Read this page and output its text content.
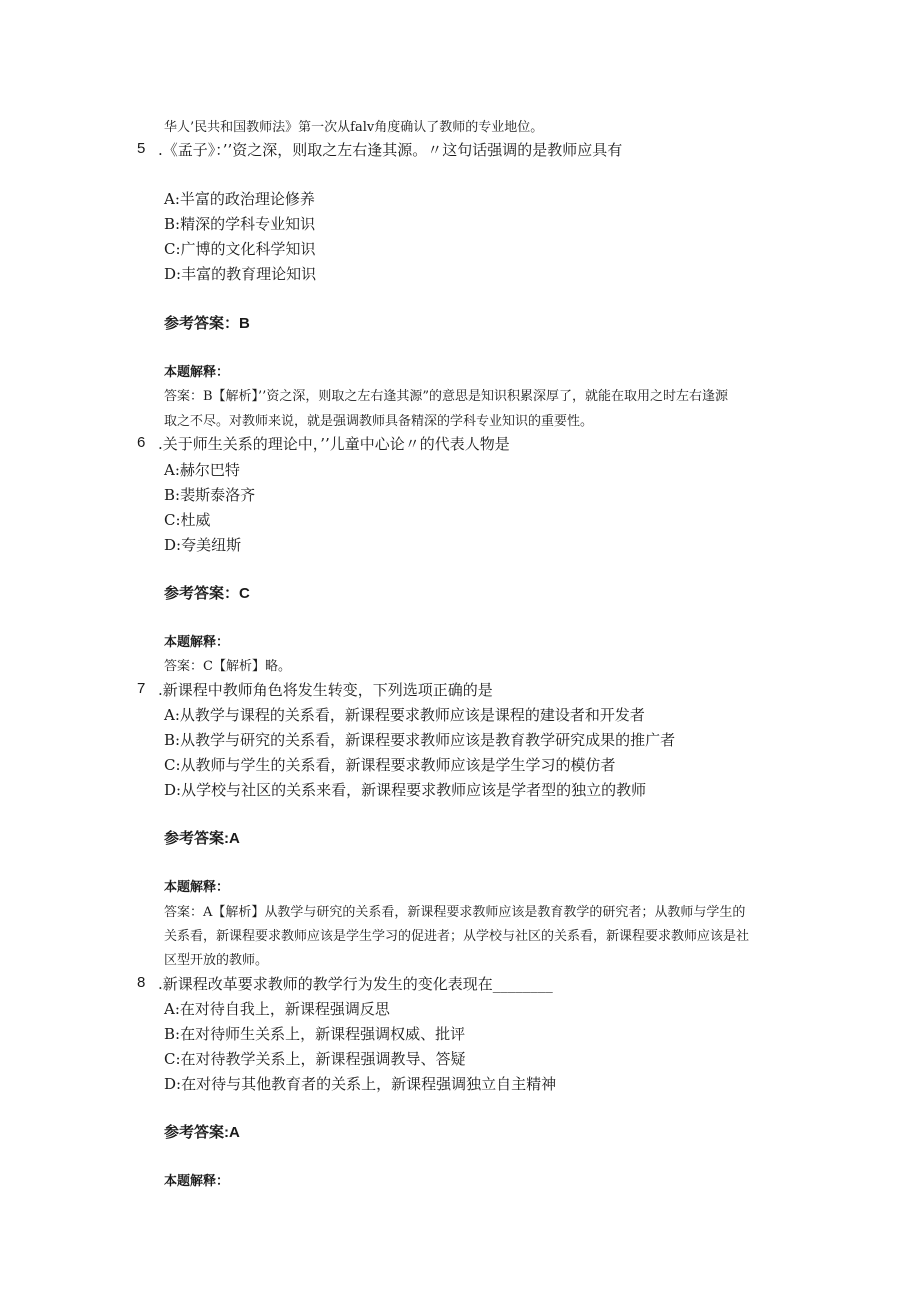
华人’民共和国教师法》第一次从falv角度确认了教师的专业地位。
5 .《孟子》：’’资之深，则取之左右逢其源。〃这句话强调的是教师应具有
A:半富的政治理论修养
B:精深的学科专业知识
C:广博的文化科学知识
D:丰富的教育理论知识
参考答案：B
本题解释：
答案：B【解析】’’资之深，则取之左右逢其源”的意思是知识积累深厚了，就能在取用之时左右逢源
取之不尽。对教师来说，就是强调教师具备精深的学科专业知识的重要性。
6 .关于师生关系的理论中，’’儿童中心论〃的代表人物是
A:赫尔巴特
B:裴斯泰洛齐
C:杜威
D:夸美纽斯
参考答案：C
本题解释：
答案：C【解析】略。
7 .新课程中教师角色将发生转变，下列选项正确的是
A:从教学与课程的关系看，新课程要求教师应该是课程的建设者和开发者
B:从教学与研究的关系看，新课程要求教师应该是教育教学研究成果的推广者
C:从教师与学生的关系看，新课程要求教师应该是学生学习的模仿者
D:从学校与社区的关系来看，新课程要求教师应该是学者型的独立的教师
参考答案:A
本题解释：
答案：A【解析】从教学与研究的关系看，新课程要求教师应该是教育教学的研究者；从教师与学生的
关系看，新课程要求教师应该是学生学习的促进者；从学校与社区的关系看，新课程要求教师应该是社
区型开放的教师。
8 .新课程改革要求教师的教学行为发生的变化表现在________
A:在对待自我上，新课程强调反思
B:在对待师生关系上，新课程强调权威、批评
C:在对待教学关系上，新课程强调教导、答疑
D:在对待与其他教育者的关系上，新课程强调独立自主精神
参考答案:A
本题解释：
